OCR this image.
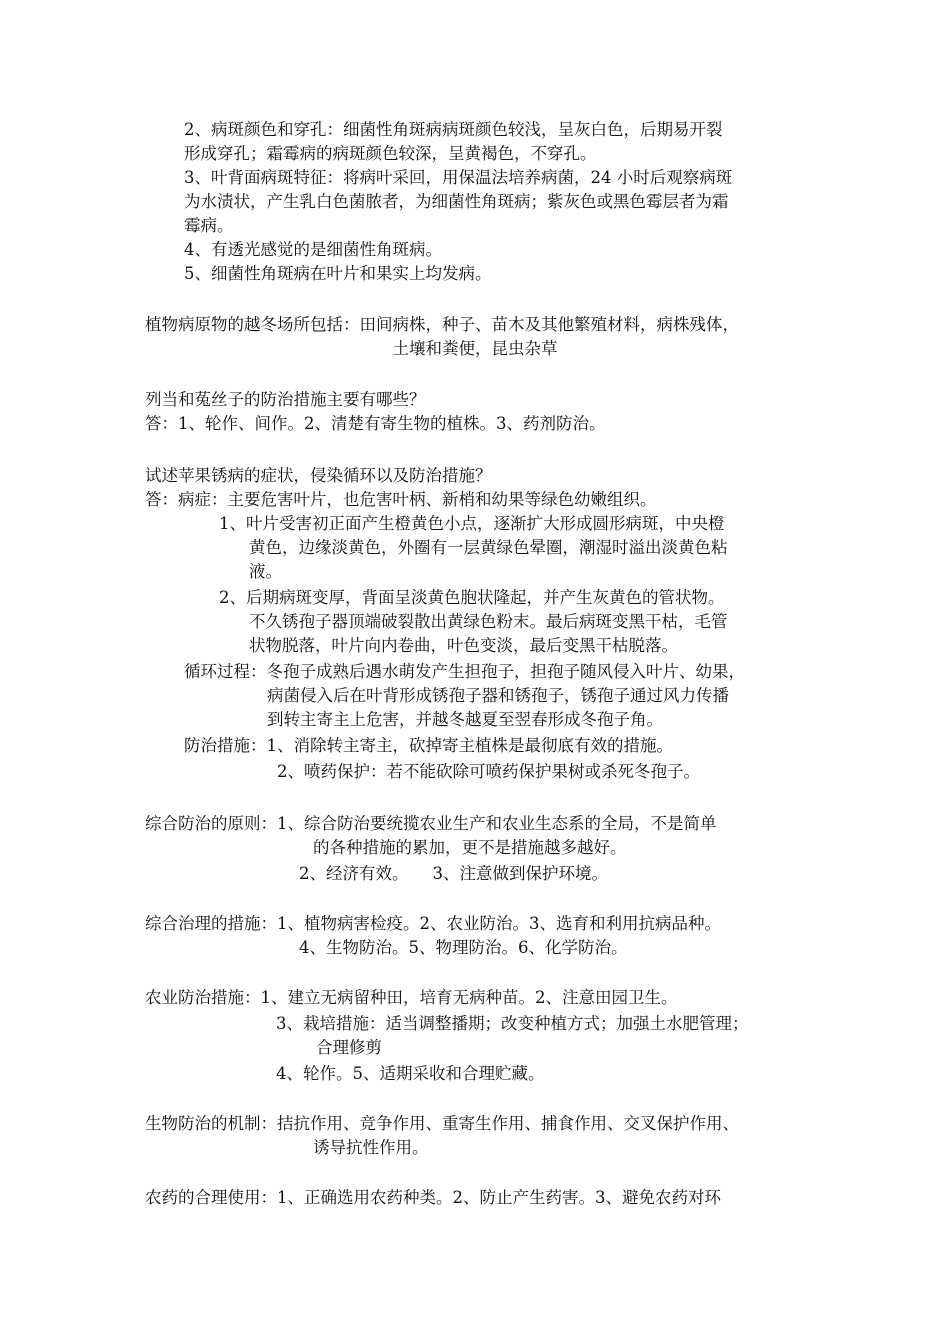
2、病斑颜色和穿孔：细菌性角斑病病斑颜色较浅，呈灰白色，后期易开裂
形成穿孔；霜霉病的病斑颜色较深，呈黄褐色，不穿孔。
3、叶背面病斑特征：将病叶采回，用保温法培养病菌，24 小时后观察病斑
为水渍状，产生乳白色菌脓者，为细菌性角斑病；紫灰色或黑色霉层者为霜
霉病。
4、有透光感觉的是细菌性角斑病。
5、细菌性角斑病在叶片和果实上均发病。
植物病原物的越冬场所包括：田间病株，种子、苗木及其他繁殖材料，病株残体，
土壤和粪便，昆虫杂草
列当和菟丝子的防治措施主要有哪些？
答：1、轮作、间作。2、清楚有寄生物的植株。3、药剂防治。
试述苹果锈病的症状，侵染循环以及防治措施？
答：病症：主要危害叶片，也危害叶柄、新梢和幼果等绿色幼嫩组织。
1、叶片受害初正面产生橙黄色小点，逐渐扩大形成圆形病斑，中央橙
黄色，边缘淡黄色，外圈有一层黄绿色晕圈，潮湿时溢出淡黄色粘
液。
2、后期病斑变厚，背面呈淡黄色胞状隆起，并产生灰黄色的管状物。
不久锈孢子器顶端破裂散出黄绿色粉末。最后病斑变黑干枯，毛管
状物脱落，叶片向内卷曲，叶色变淡，最后变黑干枯脱落。
循环过程：冬孢子成熟后遇水萌发产生担孢子，担孢子随风侵入叶片、幼果，
病菌侵入后在叶背形成锈孢子器和锈孢子，锈孢子通过风力传播
到转主寄主上危害，并越冬越夏至翌春形成冬孢子角。
防治措施：1、消除转主寄主，砍掉寄主植株是最彻底有效的措施。
2、喷药保护：若不能砍除可喷药保护果树或杀死冬孢子。
综合防治的原则：1、综合防治要统揽农业生产和农业生态系的全局，不是简单
的各种措施的累加，更不是措施越多越好。
2、经济有效。 3、注意做到保护环境。
综合治理的措施：1、植物病害检疫。2、农业防治。3、选育和利用抗病品种。
4、生物防治。5、物理防治。6、化学防治。
农业防治措施：1、建立无病留种田，培育无病种苗。2、注意田园卫生。
3、栽培措施：适当调整播期；改变种植方式；加强土水肥管理；
合理修剪
4、轮作。5、适期采收和合理贮藏。
生物防治的机制：拮抗作用、竞争作用、重寄生作用、捕食作用、交叉保护作用、
诱导抗性作用。
农药的合理使用：1、正确选用农药种类。2、防止产生药害。3、避免农药对环
